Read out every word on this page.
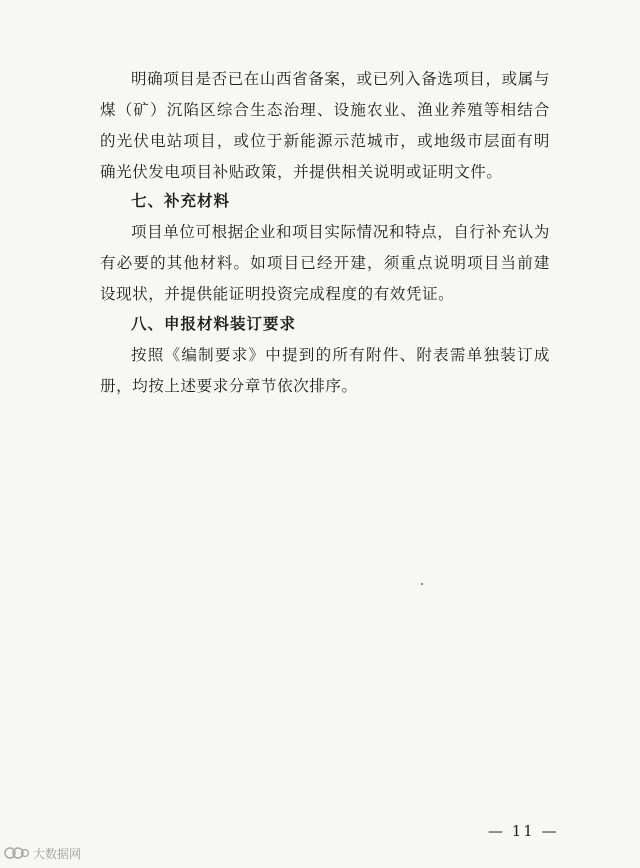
明确项目是否已在山西省备案，或已列入备选项目，或属与煤（矿）沉陷区综合生态治理、设施农业、渔业养殖等相结合的光伏电站项目，或位于新能源示范城市，或地级市层面有明确光伏发电项目补贴政策，并提供相关说明或证明文件。

七、补充材料

项目单位可根据企业和项目实际情况和特点，自行补充认为有必要的其他材料。如项目已经开建，须重点说明项目当前建设现状，并提供能证明投资完成程度的有效凭证。

八、申报材料装订要求

按照《编制要求》中提到的所有附件、附表需单独装订成册，均按上述要求分章节依次排序。

— 11 —
大数据网
